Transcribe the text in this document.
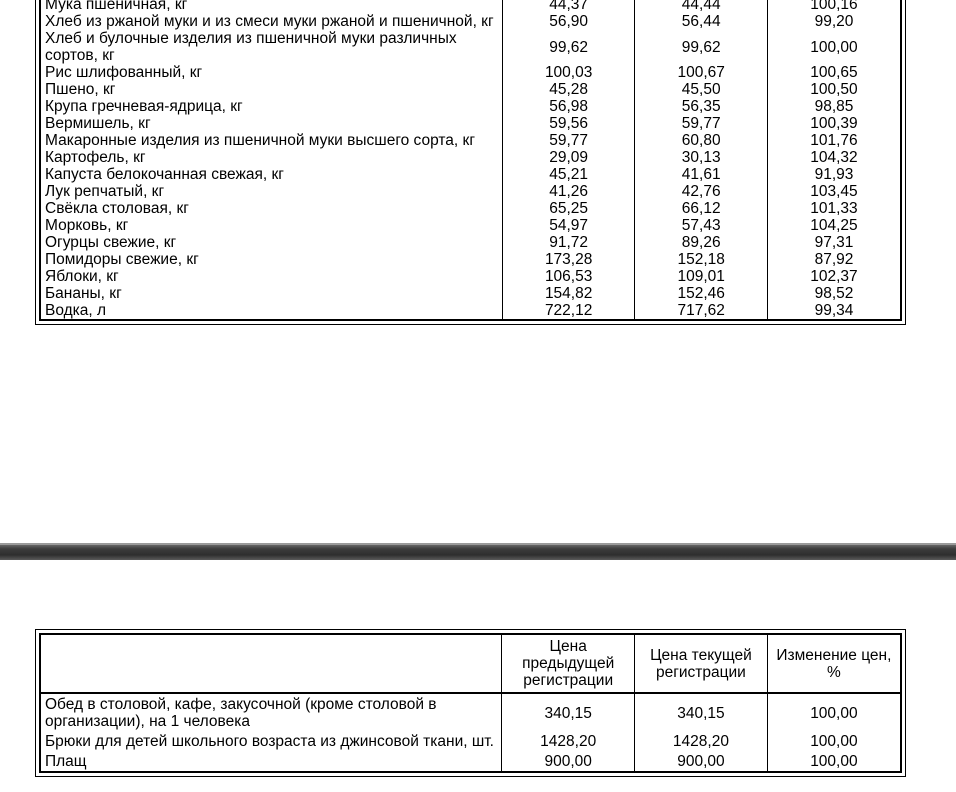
Мука пшеничная, кг	44,37	44,44	100,16
Хлеб из ржаной муки и из смеси муки ржаной и пшеничной, кг	56,90	56,44	99,20
Хлеб и булочные изделия из пшеничной муки различных сортов, кг	99,62	99,62	100,00
Рис шлифованный, кг	100,03	100,67	100,65
Пшено, кг	45,28	45,50	100,50
Крупа гречневая-ядрица, кг	56,98	56,35	98,85
Вермишель, кг	59,56	59,77	100,39
Макаронные изделия из пшеничной муки высшего сорта, кг	59,77	60,80	101,76
Картофель, кг	29,09	30,13	104,32
Капуста белокочанная свежая, кг	45,21	41,61	91,93
Лук репчатый, кг	41,26	42,76	103,45
Свёкла столовая, кг	65,25	66,12	101,33
Морковь, кг	54,97	57,43	104,25
Огурцы свежие, кг	91,72	89,26	97,31
Помидоры свежие, кг	173,28	152,18	87,92
Яблоки, кг	106,53	109,01	102,37
Бананы, кг	154,82	152,46	98,52
Водка, л	722,12	717,62	99,34
	Цена предыдущей регистрации	Цена текущей регистрации	Изменение цен, %
Обед в столовой, кафе, закусочной (кроме столовой в организации), на 1 человека	340,15	340,15	100,00
Брюки для детей школьного возраста из джинсовой ткани, шт.	1428,20	1428,20	100,00
Плащ	900,00	900,00	100,00
